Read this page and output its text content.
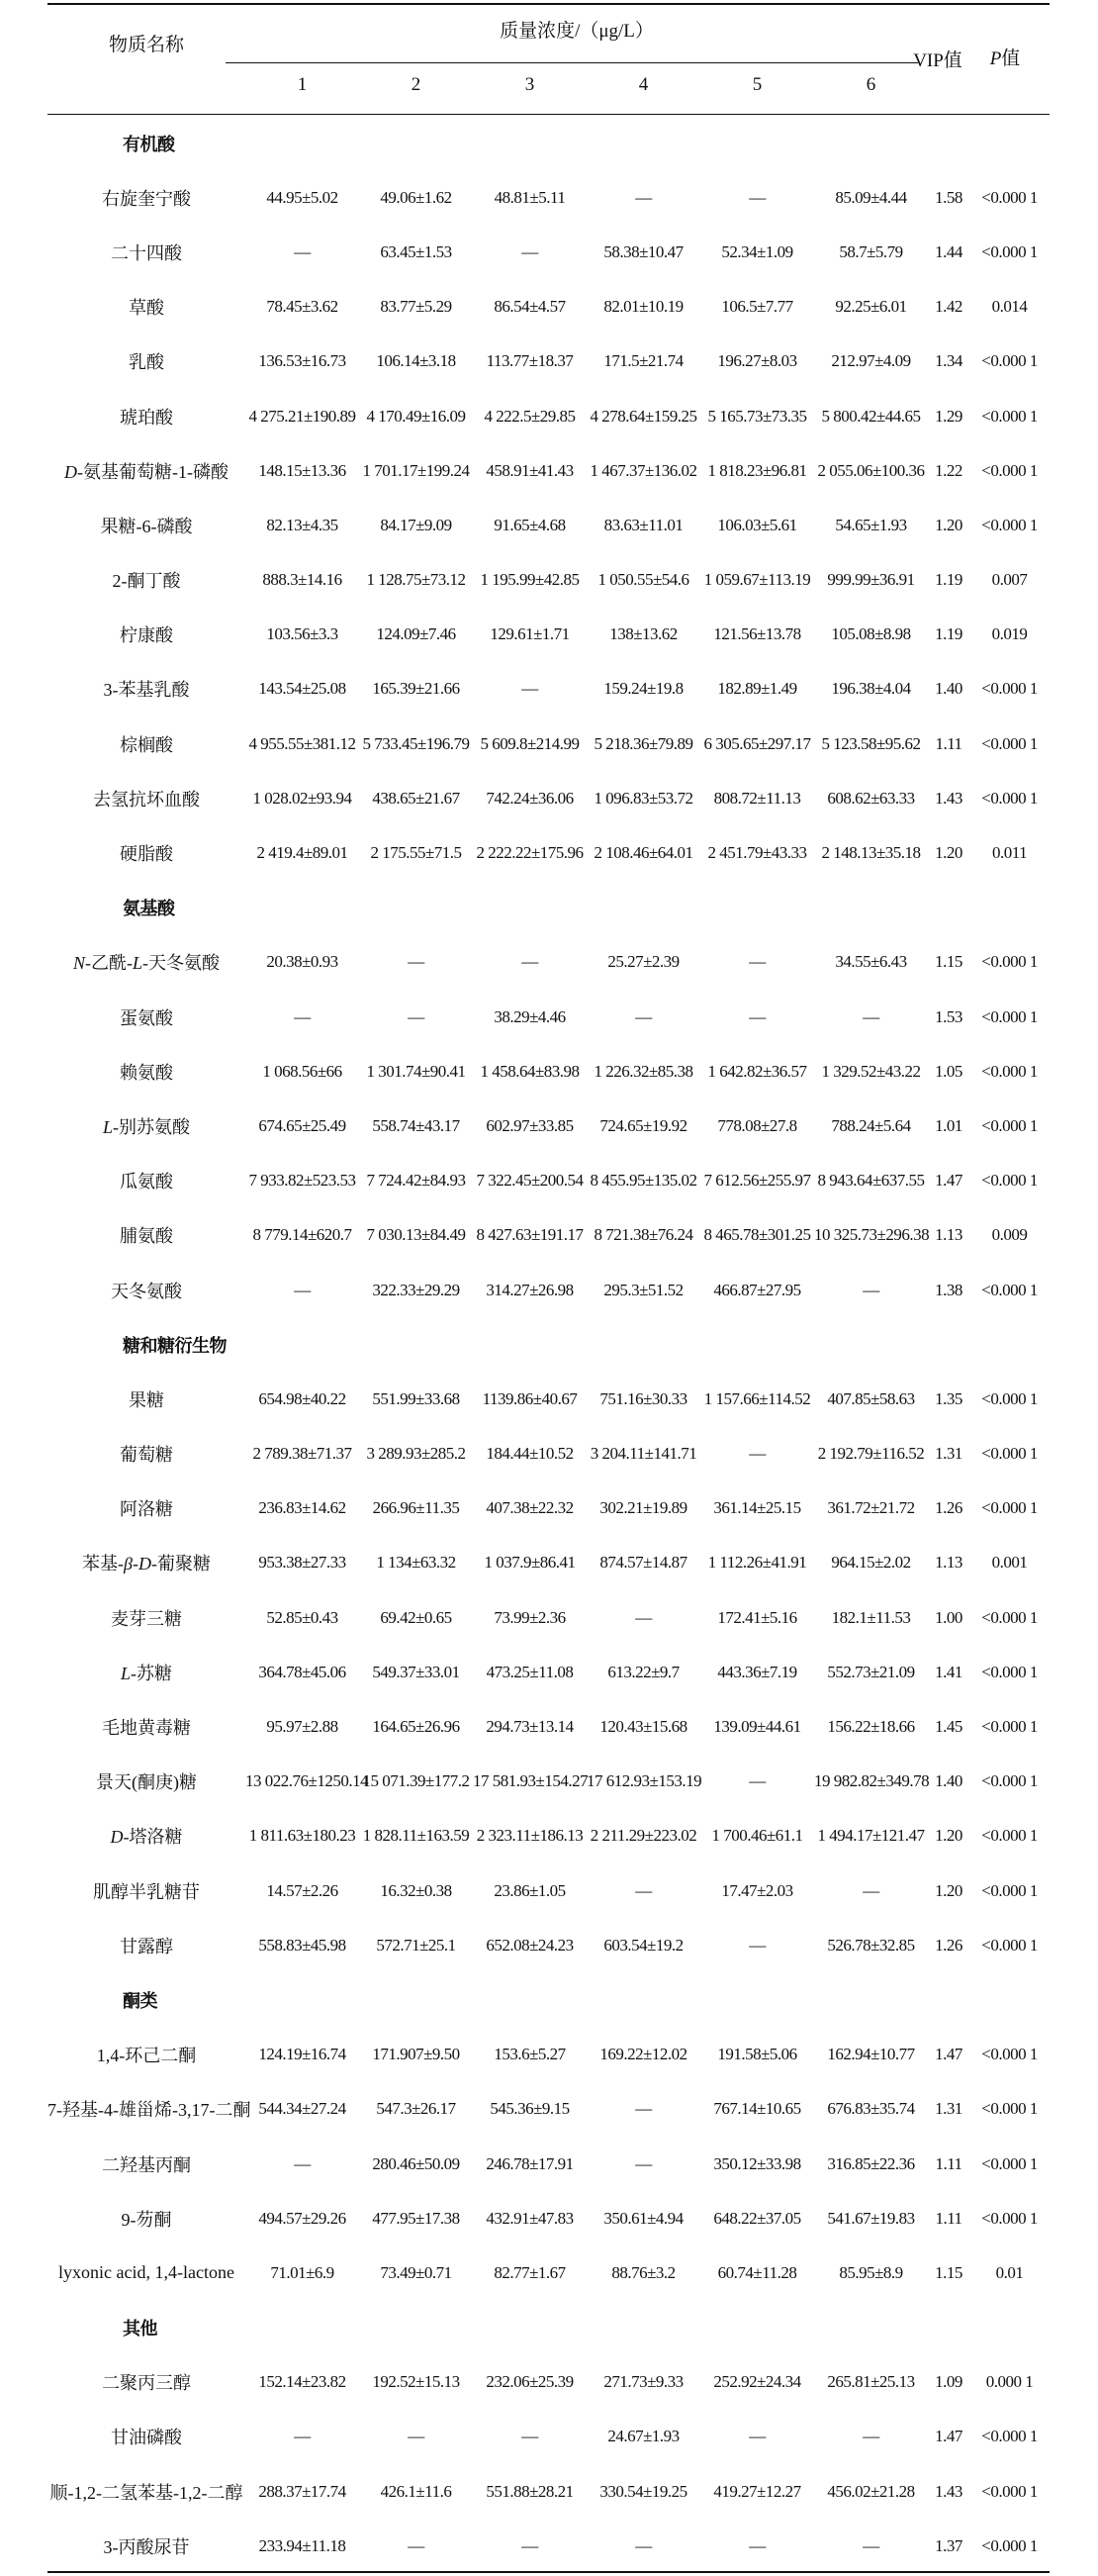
物质名称
质量浓度/（μg/L）
VIP值	P值
1	2	3	4	5	6
有机酸								
右旋奎宁酸	44.95±5.02	49.06±1.62	48.81±5.11	—	—	85.09±4.44	1.58	<0.000 1
二十四酸	—	63.45±1.53	—	58.38±10.47	52.34±1.09	58.7±5.79	1.44	<0.000 1
草酸	78.45±3.62	83.77±5.29	86.54±4.57	82.01±10.19	106.5±7.77	92.25±6.01	1.42	0.014
乳酸	136.53±16.73	106.14±3.18	113.77±18.37	171.5±21.74	196.27±8.03	212.97±4.09	1.34	<0.000 1
琥珀酸	4 275.21±190.89	4 170.49±16.09	4 222.5±29.85	4 278.64±159.25	5 165.73±73.35	5 800.42±44.65	1.29	<0.000 1
D-氨基葡萄糖-1-磷酸	148.15±13.36	1 701.17±199.24	458.91±41.43	1 467.37±136.02	1 818.23±96.81	2 055.06±100.36	1.22	<0.000 1
果糖-6-磷酸	82.13±4.35	84.17±9.09	91.65±4.68	83.63±11.01	106.03±5.61	54.65±1.93	1.20	<0.000 1
2-酮丁酸	888.3±14.16	1 128.75±73.12	1 195.99±42.85	1 050.55±54.6	1 059.67±113.19	999.99±36.91	1.19	0.007
柠康酸	103.56±3.3	124.09±7.46	129.61±1.71	138±13.62	121.56±13.78	105.08±8.98	1.19	0.019
3-苯基乳酸	143.54±25.08	165.39±21.66	—	159.24±19.8	182.89±1.49	196.38±4.04	1.40	<0.000 1
棕榈酸	4 955.55±381.12	5 733.45±196.79	5 609.8±214.99	5 218.36±79.89	6 305.65±297.17	5 123.58±95.62	1.11	<0.000 1
去氢抗坏血酸	1 028.02±93.94	438.65±21.67	742.24±36.06	1 096.83±53.72	808.72±11.13	608.62±63.33	1.43	<0.000 1
硬脂酸	2 419.4±89.01	2 175.55±71.5	2 222.22±175.96	2 108.46±64.01	2 451.79±43.33	2 148.13±35.18	1.20	0.011
氨基酸								
N-乙酰-L-天冬氨酸	20.38±0.93	—	—	25.27±2.39	—	34.55±6.43	1.15	<0.000 1
蛋氨酸	—	—	38.29±4.46	—	—	—	1.53	<0.000 1
赖氨酸	1 068.56±66	1 301.74±90.41	1 458.64±83.98	1 226.32±85.38	1 642.82±36.57	1 329.52±43.22	1.05	<0.000 1
L-别苏氨酸	674.65±25.49	558.74±43.17	602.97±33.85	724.65±19.92	778.08±27.8	788.24±5.64	1.01	<0.000 1
瓜氨酸	7 933.82±523.53	7 724.42±84.93	7 322.45±200.54	8 455.95±135.02	7 612.56±255.97	8 943.64±637.55	1.47	<0.000 1
脯氨酸	8 779.14±620.7	7 030.13±84.49	8 427.63±191.17	8 721.38±76.24	8 465.78±301.25	10 325.73±296.38	1.13	0.009
天冬氨酸	—	322.33±29.29	314.27±26.98	295.3±51.52	466.87±27.95	—	1.38	<0.000 1
糖和糖衍生物								
果糖	654.98±40.22	551.99±33.68	1139.86±40.67	751.16±30.33	1 157.66±114.52	407.85±58.63	1.35	<0.000 1
葡萄糖	2 789.38±71.37	3 289.93±285.2	184.44±10.52	3 204.11±141.71	—	2 192.79±116.52	1.31	<0.000 1
阿洛糖	236.83±14.62	266.96±11.35	407.38±22.32	302.21±19.89	361.14±25.15	361.72±21.72	1.26	<0.000 1
苯基-β-D-葡聚糖	953.38±27.33	1 134±63.32	1 037.9±86.41	874.57±14.87	1 112.26±41.91	964.15±2.02	1.13	0.001
麦芽三糖	52.85±0.43	69.42±0.65	73.99±2.36	—	172.41±5.16	182.1±11.53	1.00	<0.000 1
L-苏糖	364.78±45.06	549.37±33.01	473.25±11.08	613.22±9.7	443.36±7.19	552.73±21.09	1.41	<0.000 1
毛地黄毒糖	95.97±2.88	164.65±26.96	294.73±13.14	120.43±15.68	139.09±44.61	156.22±18.66	1.45	<0.000 1
景天(酮庚)糖	13 022.76±1250.14	15 071.39±177.2	17 581.93±154.27	17 612.93±153.19	—	19 982.82±349.78	1.40	<0.000 1
D-塔洛糖	1 811.63±180.23	1 828.11±163.59	2 323.11±186.13	2 211.29±223.02	1 700.46±61.1	1 494.17±121.47	1.20	<0.000 1
肌醇半乳糖苷	14.57±2.26	16.32±0.38	23.86±1.05	—	17.47±2.03	—	1.20	<0.000 1
甘露醇	558.83±45.98	572.71±25.1	652.08±24.23	603.54±19.2	—	526.78±32.85	1.26	<0.000 1
酮类								
1,4-环己二酮	124.19±16.74	171.907±9.50	153.6±5.27	169.22±12.02	191.58±5.06	162.94±10.77	1.47	<0.000 1
7-羟基-4-雄甾烯-3,17-二酮	544.34±27.24	547.3±26.17	545.36±9.15	—	767.14±10.65	676.83±35.74	1.31	<0.000 1
二羟基丙酮	—	280.46±50.09	246.78±17.91	—	350.12±33.98	316.85±22.36	1.11	<0.000 1
9-芴酮	494.57±29.26	477.95±17.38	432.91±47.83	350.61±4.94	648.22±37.05	541.67±19.83	1.11	<0.000 1
lyxonic acid, 1,4-lactone	71.01±6.9	73.49±0.71	82.77±1.67	88.76±3.2	60.74±11.28	85.95±8.9	1.15	0.01
其他								
二聚丙三醇	152.14±23.82	192.52±15.13	232.06±25.39	271.73±9.33	252.92±24.34	265.81±25.13	1.09	0.000 1
甘油磷酸	—	—	—	24.67±1.93	—	—	1.47	<0.000 1
顺-1,2-二氢苯基-1,2-二醇	288.37±17.74	426.1±11.6	551.88±28.21	330.54±19.25	419.27±12.27	456.02±21.28	1.43	<0.000 1
3-丙酸尿苷	233.94±11.18	—	—	—	—	—	1.37	<0.000 1
